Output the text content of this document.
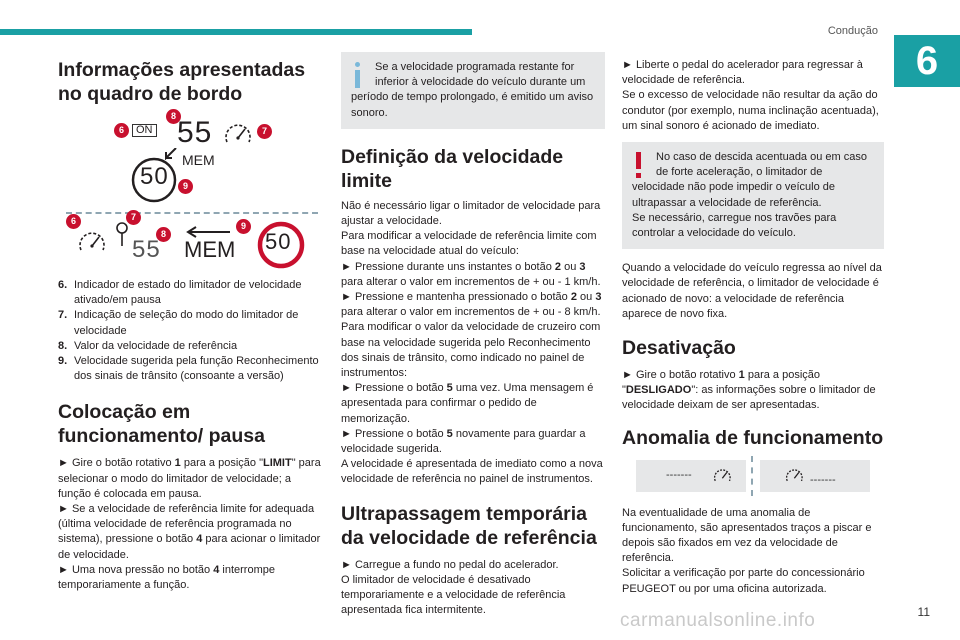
Condução
6
11
carmanualsonline.info
Informações apresentadas no quadro de bordo
6	ON
8 55	7
MEM
50	9
6	7
8
55 MEM
9
50
6. Indicador de estado do limitador de velocidade ativado/em pausa
7. Indicação de seleção do modo do limitador de velocidade
8. Valor da velocidade de referência
9. Velocidade sugerida pela função Reconhecimento dos sinais de trânsito (consoante a versão)
Colocação em funcionamento/ pausa

► Gire o botão rotativo 1 para a posição "LIMIT" para selecionar o modo do limitador de velocidade; a função é colocada em pausa.

► Se a velocidade de referência limite for adequada (última velocidade de referência programada no sistema), pressione o botão 4 para acionar o limitador de velocidade.

► Uma nova pressão no botão 4 interrompe temporariamente a função.

Se a velocidade programada restante for inferior à velocidade do veículo durante um período de tempo prolongado, é emitido um aviso sonoro.

Definição da velocidade limite

Não é necessário ligar o limitador de velocidade para ajustar a velocidade.

Para modificar a velocidade de referência limite com base na velocidade atual do veículo:

► Pressione durante uns instantes o botão 2 ou 3 para alterar o valor em incrementos de + ou - 1 km/h.

► Pressione e mantenha pressionado o botão 2 ou 3 para alterar o valor em incrementos de + ou - 8 km/h.

Para modificar o valor da velocidade de cruzeiro com base na velocidade sugerida pelo Reconhecimento dos sinais de trânsito, como indicado no painel de instrumentos:

► Pressione o botão 5 uma vez. Uma mensagem é apresentada para confirmar o pedido de memorização.

► Pressione o botão 5 novamente para guardar a velocidade sugerida.

A velocidade é apresentada de imediato como a nova velocidade de referência no painel de instrumentos.

Ultrapassagem temporária da velocidade de referência

► Carregue a fundo no pedal do acelerador.

O limitador de velocidade é desativado temporariamente e a velocidade de referência apresentada fica intermitente.

► Liberte o pedal do acelerador para regressar à velocidade de referência.

Se o excesso de velocidade não resultar da ação do condutor (por exemplo, numa inclinação acentuada), um sinal sonoro é acionado de imediato.

No caso de descida acentuada ou em caso de forte aceleração, o limitador de velocidade não pode impedir o veículo de ultrapassar a velocidade de referência.

Se necessário, carregue nos travões para controlar a velocidade do veículo.

Quando a velocidade do veículo regressa ao nível da velocidade de referência, o limitador de velocidade é acionado de novo: a velocidade de referência aparece de novo fixa.

Desativação

► Gire o botão rotativo 1 para a posição "DESLIGADO": as informações sobre o limitador de velocidade deixam de ser apresentadas.

Anomalia de funcionamento
-------	-------

Na eventualidade de uma anomalia de funcionamento, são apresentados traços a piscar e depois são fixados em vez da velocidade de referência.

Solicitar a verificação por parte do concessionário PEUGEOT ou por uma oficina autorizada.
